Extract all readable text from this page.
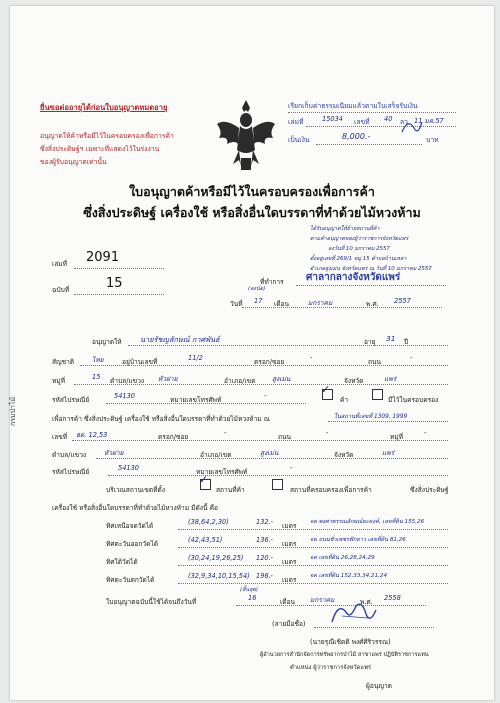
กรมป่าไม้
ยื่นขอต่ออายุได้ก่อนใบอนุญาตหมดอายุ
อนุญาตให้ค้าหรือมีไว้ในครอบครองเพื่อการค้า
ซึ่งสิ่งประดิษฐ์ฯ เฉพาะที่แสดงไว้ในร่งงาน
ของผู้รับอนุญาตเท่านั้น
เรียกเก็บค่าธรรมเนียมแล้วตามใบเสร็จรับเงิน
เล่มที่	15034 เลขที่ 40 ลว. 11 มค.57
เป็นเงิน	8,000.-	บาท
ใบอนุญาตค้าหรือมีไว้ในครอบครองเพื่อการค้า
ซึ่งสิ่งประดิษฐ์ เครื่องใช้ หรือสิ่งอื่นใดบรรดาที่ทำด้วยไม้หวงห้าม
ได้รับอนุญาตให้ย้ายสถานที่ค้า
ตามคำอนุญาตของผู้ว่าราชการจังหวัดแพร่
ลงวันที่ 10 มกราคม 2557
ตั้งอยู่เลขที่ 269/1 หมู่ 15 ตำบลบ้านเหล่า
อำเภอสูงเม่น จังหวัดแพร่ ณ วันที่ 10 มกราคม 2557
เล่มที่ 2091
ฉบับที่	15	ที่ทำการ ศาลากลางจังหวัดแพร่
(ลงนัด)
วันที่ 17 เดือน	มกราคม	พ.ศ. 2557
อนุญาตให้ นายรัชญลักษณ์ กาศพันธ์	อายุ 31 ปี
สัญชาติ	ไทย	อยู่บ้านเลขที่	11/2	ตรอก/ซอย	-	ถนน	-
หมู่ที่	15 ตำบล/แขวง หัวฝาย	อำเภอ/เขต	สูงเม่น	จังหวัด	แพร่
รหัสไปรษณีย์	54130	หมายเลขโทรศัพท์	-	✓
ค้า	มีไว้ในครอบครอง
เพื่อการค้า ซึ่งสิ่งประดิษฐ์ เครื่องใช้ หรือสิ่งอื่นใดบรรดาที่ทำด้วยไม้หวงห้าม ณ	ในสถานที่เลขที่ 1309, 1999
เลขที่ ฮด. 12,53	ตรอก/ซอย	-	ถนน	-	หมู่ที่	-
ตำบล/แขวง	หัวฝาย	อำเภอ/เขต	สูงเม่น	จังหวัด	แพร่
รหัสไปรษณีย์	54130	หมายเลขโทรศัพท์	-
บริเวณสถานเขตที่ตั้ง
✓
สถานที่ค้า	สถานที่ครอบครองเพื่อการค้า	ซึ่งสิ่งประดิษฐ์
เครื่องใช้ หรือสิ่งอื่นใดบรรดาที่ทำด้วยไม้หวงห้าม มีดังนี้ คือ
ทิศเหนือจดวัดได้	(38,64,2,30)	132.- เมตร จด พงศาพรรณลักษณ์ยะคงค์, เลขที่ดิน 155,26
ทิศตะวันออกวัดได้	(42,43,51)	136.- เมตร จด ถนนชั่วเพชรฟักยาว เลขที่ดิน 81,26
ทิศใต้วัดได้	(30,24,19,26,25) 120.- เมตร จด เลขที่ดิน 26,28,24,29
ทิศตะวันตกวัดได้	(32,9,34,10,15,54) 196.- เมตร จด เลขที่ดิน 152,33,34,21,24
(สิ้นสุด)
ใบอนุญาตฉบับนี้ใช้ได้จนถึงวันที่	16	เดือน มกราคม	พ.ศ. 2558
(ลายมือชื่อ)
(นายรุณีเชิดดิ พงศ์ศิริวรรณ)
ผู้อำนวยการสำนักจัดการทรัพยากรป่าไม้ สาขาแพร่ ปฏิบัติราชการแทน
ตำแหน่ง ผู้ว่าราชการจังหวัดแพร่
ผู้อนุญาต
